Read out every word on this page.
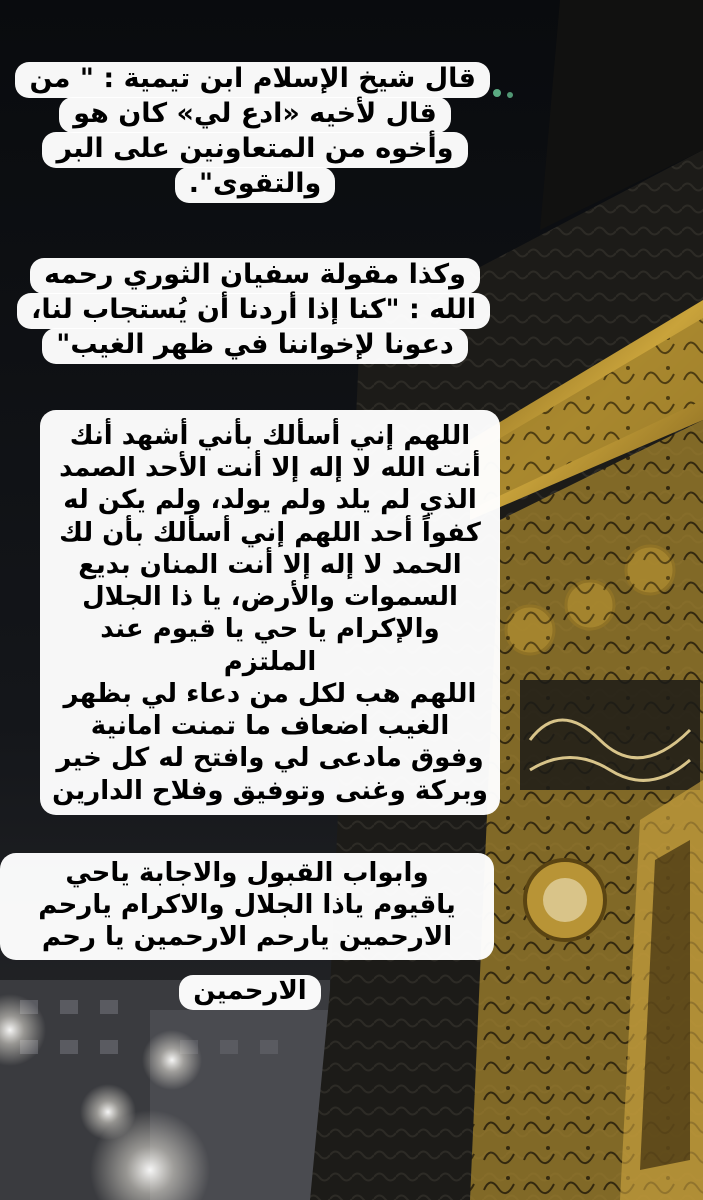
قال شيخ الإسلام ابن تيمية : " من
قال لأخيه «ادع لي» كان هو
وأخوه من المتعاونين على البر
والتقوى".
وكذا مقولة سفيان الثوري رحمه
الله : "كنا إذا أردنا أن يُستجاب لنا،
دعونا لإخواننا في ظهر الغيب"
اللهم إني أسألك بأني أشهد أنك
أنت الله لا إله إلا أنت الأحد الصمد
الذي لم يلد ولم يولد، ولم يكن له
كفواً أحد اللهم إني أسألك بأن لك
الحمد لا إله إلا أنت المنان بديع
السموات والأرض، يا ذا الجلال
والإكرام يا حي يا قيوم عند الملتزم
اللهم هب لكل من دعاء لي بظهر
الغيب اضعاف ما تمنت امانية
وفوق مادعى لي وافتح له كل خير
وبركة وغنى وتوفيق وفلاح الدارين
وابواب القبول والاجابة ياحي
ياقيوم ياذا الجلال والاكرام يارحم
الارحمين يارحم الارحمين يا رحم
الارحمين
